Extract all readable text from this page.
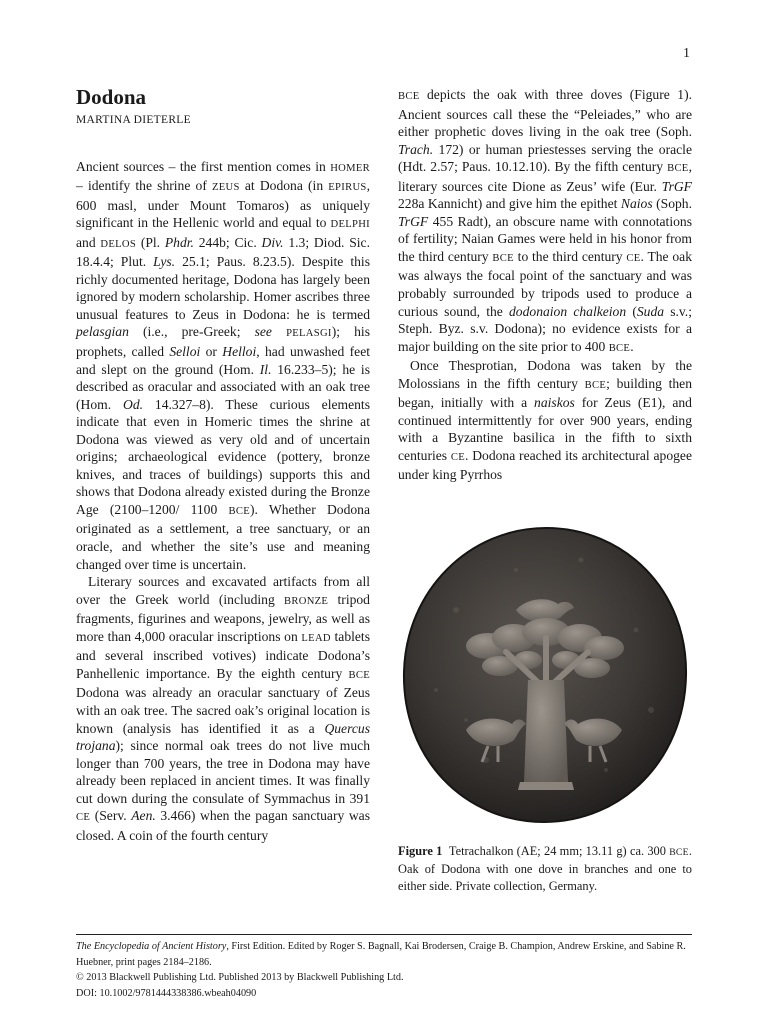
1
Dodona
MARTINA DIETERLE

Ancient sources – the first mention comes in HOMER – identify the shrine of ZEUS at Dodona (in EPIRUS, 600 masl, under Mount Tomaros) as uniquely significant in the Hellenic world and equal to DELPHI and DELOS (Pl. Phdr. 244b; Cic. Div. 1.3; Diod. Sic. 18.4.4; Plut. Lys. 25.1; Paus. 8.23.5). Despite this richly documented heritage, Dodona has largely been ignored by modern scholarship. Homer ascribes three unusual features to Zeus in Dodona: he is termed pelasgian (i.e., pre-Greek; see PELASGI); his prophets, called Selloi or Helloi, had unwashed feet and slept on the ground (Hom. Il. 16.233–5); he is described as oracular and associated with an oak tree (Hom. Od. 14.327–8). These curious elements indicate that even in Homeric times the shrine at Dodona was viewed as very old and of uncertain origins; archaeological evidence (pottery, bronze knives, and traces of buildings) supports this and shows that Dodona already existed during the Bronze Age (2100–1200/ 1100 BCE). Whether Dodona originated as a settlement, a tree sanctuary, or an oracle, and whether the site’s use and meaning changed over time is uncertain.

Literary sources and excavated artifacts from all over the Greek world (including BRONZE tripod fragments, figurines and weapons, jewelry, as well as more than 4,000 oracular inscriptions on LEAD tablets and several inscribed votives) indicate Dodona’s Panhellenic importance. By the eighth century BCE Dodona was already an oracular sanctuary of Zeus with an oak tree. The sacred oak’s original location is known (analysis has identified it as a Quercus trojana); since normal oak trees do not live much longer than 700 years, the tree in Dodona may have already been replaced in ancient times. It was finally cut down during the consulate of Symmachus in 391 CE (Serv. Aen. 3.466) when the pagan sanctuary was closed. A coin of the fourth century

BCE depicts the oak with three doves (Figure 1). Ancient sources call these the “Peleiades,” who are either prophetic doves living in the oak tree (Soph. Trach. 172) or human priestesses serving the oracle (Hdt. 2.57; Paus. 10.12.10). By the fifth century BCE, literary sources cite Dione as Zeus’ wife (Eur. TrGF 228a Kannicht) and give him the epithet Naios (Soph. TrGF 455 Radt), an obscure name with connotations of fertility; Naian Games were held in his honor from the third century BCE to the third century CE. The oak was always the focal point of the sanctuary and was probably surrounded by tripods used to produce a curious sound, the dodonaion chalkeion (Suda s.v.; Steph. Byz. s.v. Dodona); no evidence exists for a major building on the site prior to 400 BCE.

Once Thesprotian, Dodona was taken by the Molossians in the fifth century BCE; building then began, initially with a naiskos for Zeus (E1), and continued intermittently for over 900 years, ending with a Byzantine basilica in the fifth to sixth centuries CE. Dodona reached its architectural apogee under king Pyrrhos

Figure 1 Tetrachalkon (AE; 24 mm; 13.11 g) ca. 300 BCE. Oak of Dodona with one dove in branches and one to either side. Private collection, Germany.
The Encyclopedia of Ancient History, First Edition. Edited by Roger S. Bagnall, Kai Brodersen, Craige B. Champion, Andrew Erskine, and Sabine R. Huebner, print pages 2184–2186.
© 2013 Blackwell Publishing Ltd. Published 2013 by Blackwell Publishing Ltd.
DOI: 10.1002/9781444338386.wbeah04090
